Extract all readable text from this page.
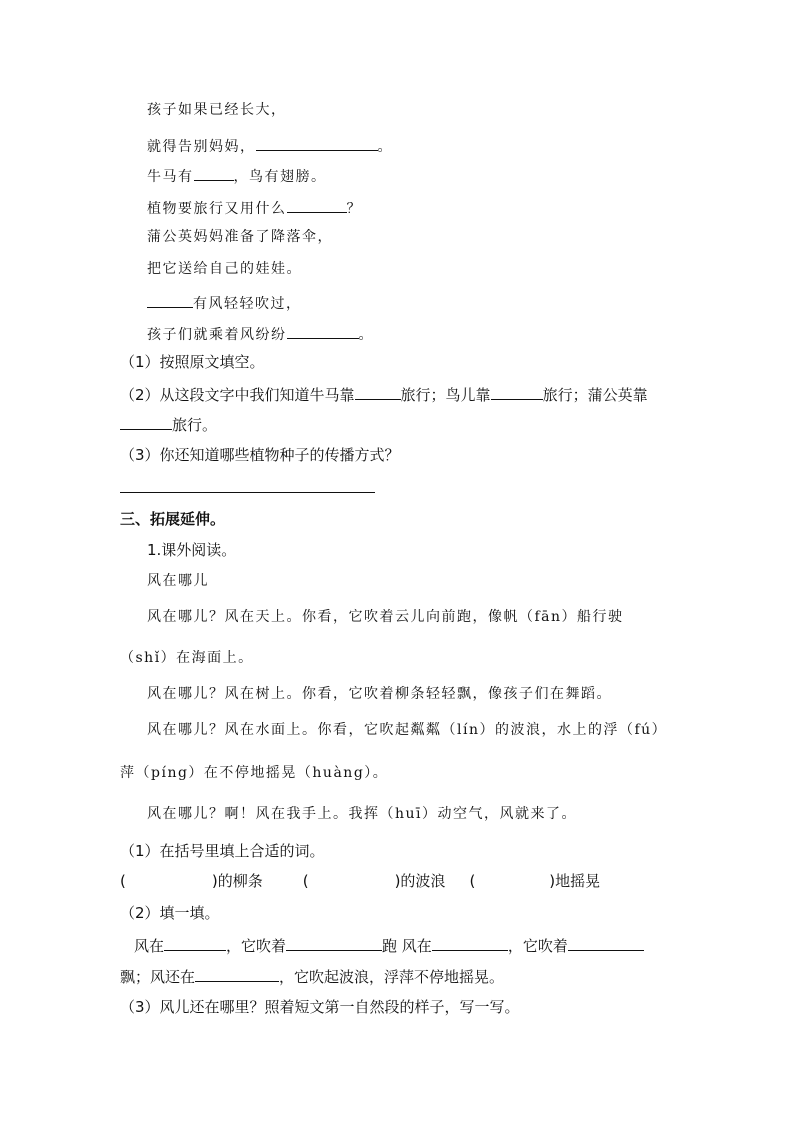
孩子如果已经长大，
就得告别妈妈，	。
牛马有	，鸟有翅膀。
植物要旅行又用什么	？
蒲公英妈妈准备了降落伞，
把它送给自己的娃娃。
有风轻轻吹过，
孩子们就乘着风纷纷	。
（1）按照原文填空。
（2）从这段文字中我们知道牛马靠	旅行；鸟儿靠	旅行；蒲公英靠
旅行。
（3）你还知道哪些植物种子的传播方式？
三、拓展延伸。
1.课外阅读。
风在哪儿
风在哪儿？风在天上。你看，它吹着云儿向前跑，像帆（fān）船行驶
（shǐ）在海面上。
风在哪儿？风在树上。你看，它吹着柳条轻轻飘，像孩子们在舞蹈。
风在哪儿？风在水面上。你看，它吹起粼粼（lín）的波浪，水上的浮（fú）
萍（píng）在不停地摇晃（huàng）。
风在哪儿？啊！风在我手上。我挥（huī）动空气，风就来了。
（1）在括号里填上合适的词。
(	)的柳条	(	)的波浪 (	)地摇晃
（2）填一填。
风在	，它吹着	跑 风在	，它吹着
飘；风还在	，它吹起波浪，浮萍不停地摇晃。
（3）风儿还在哪里？照着短文第一自然段的样子，写一写。
